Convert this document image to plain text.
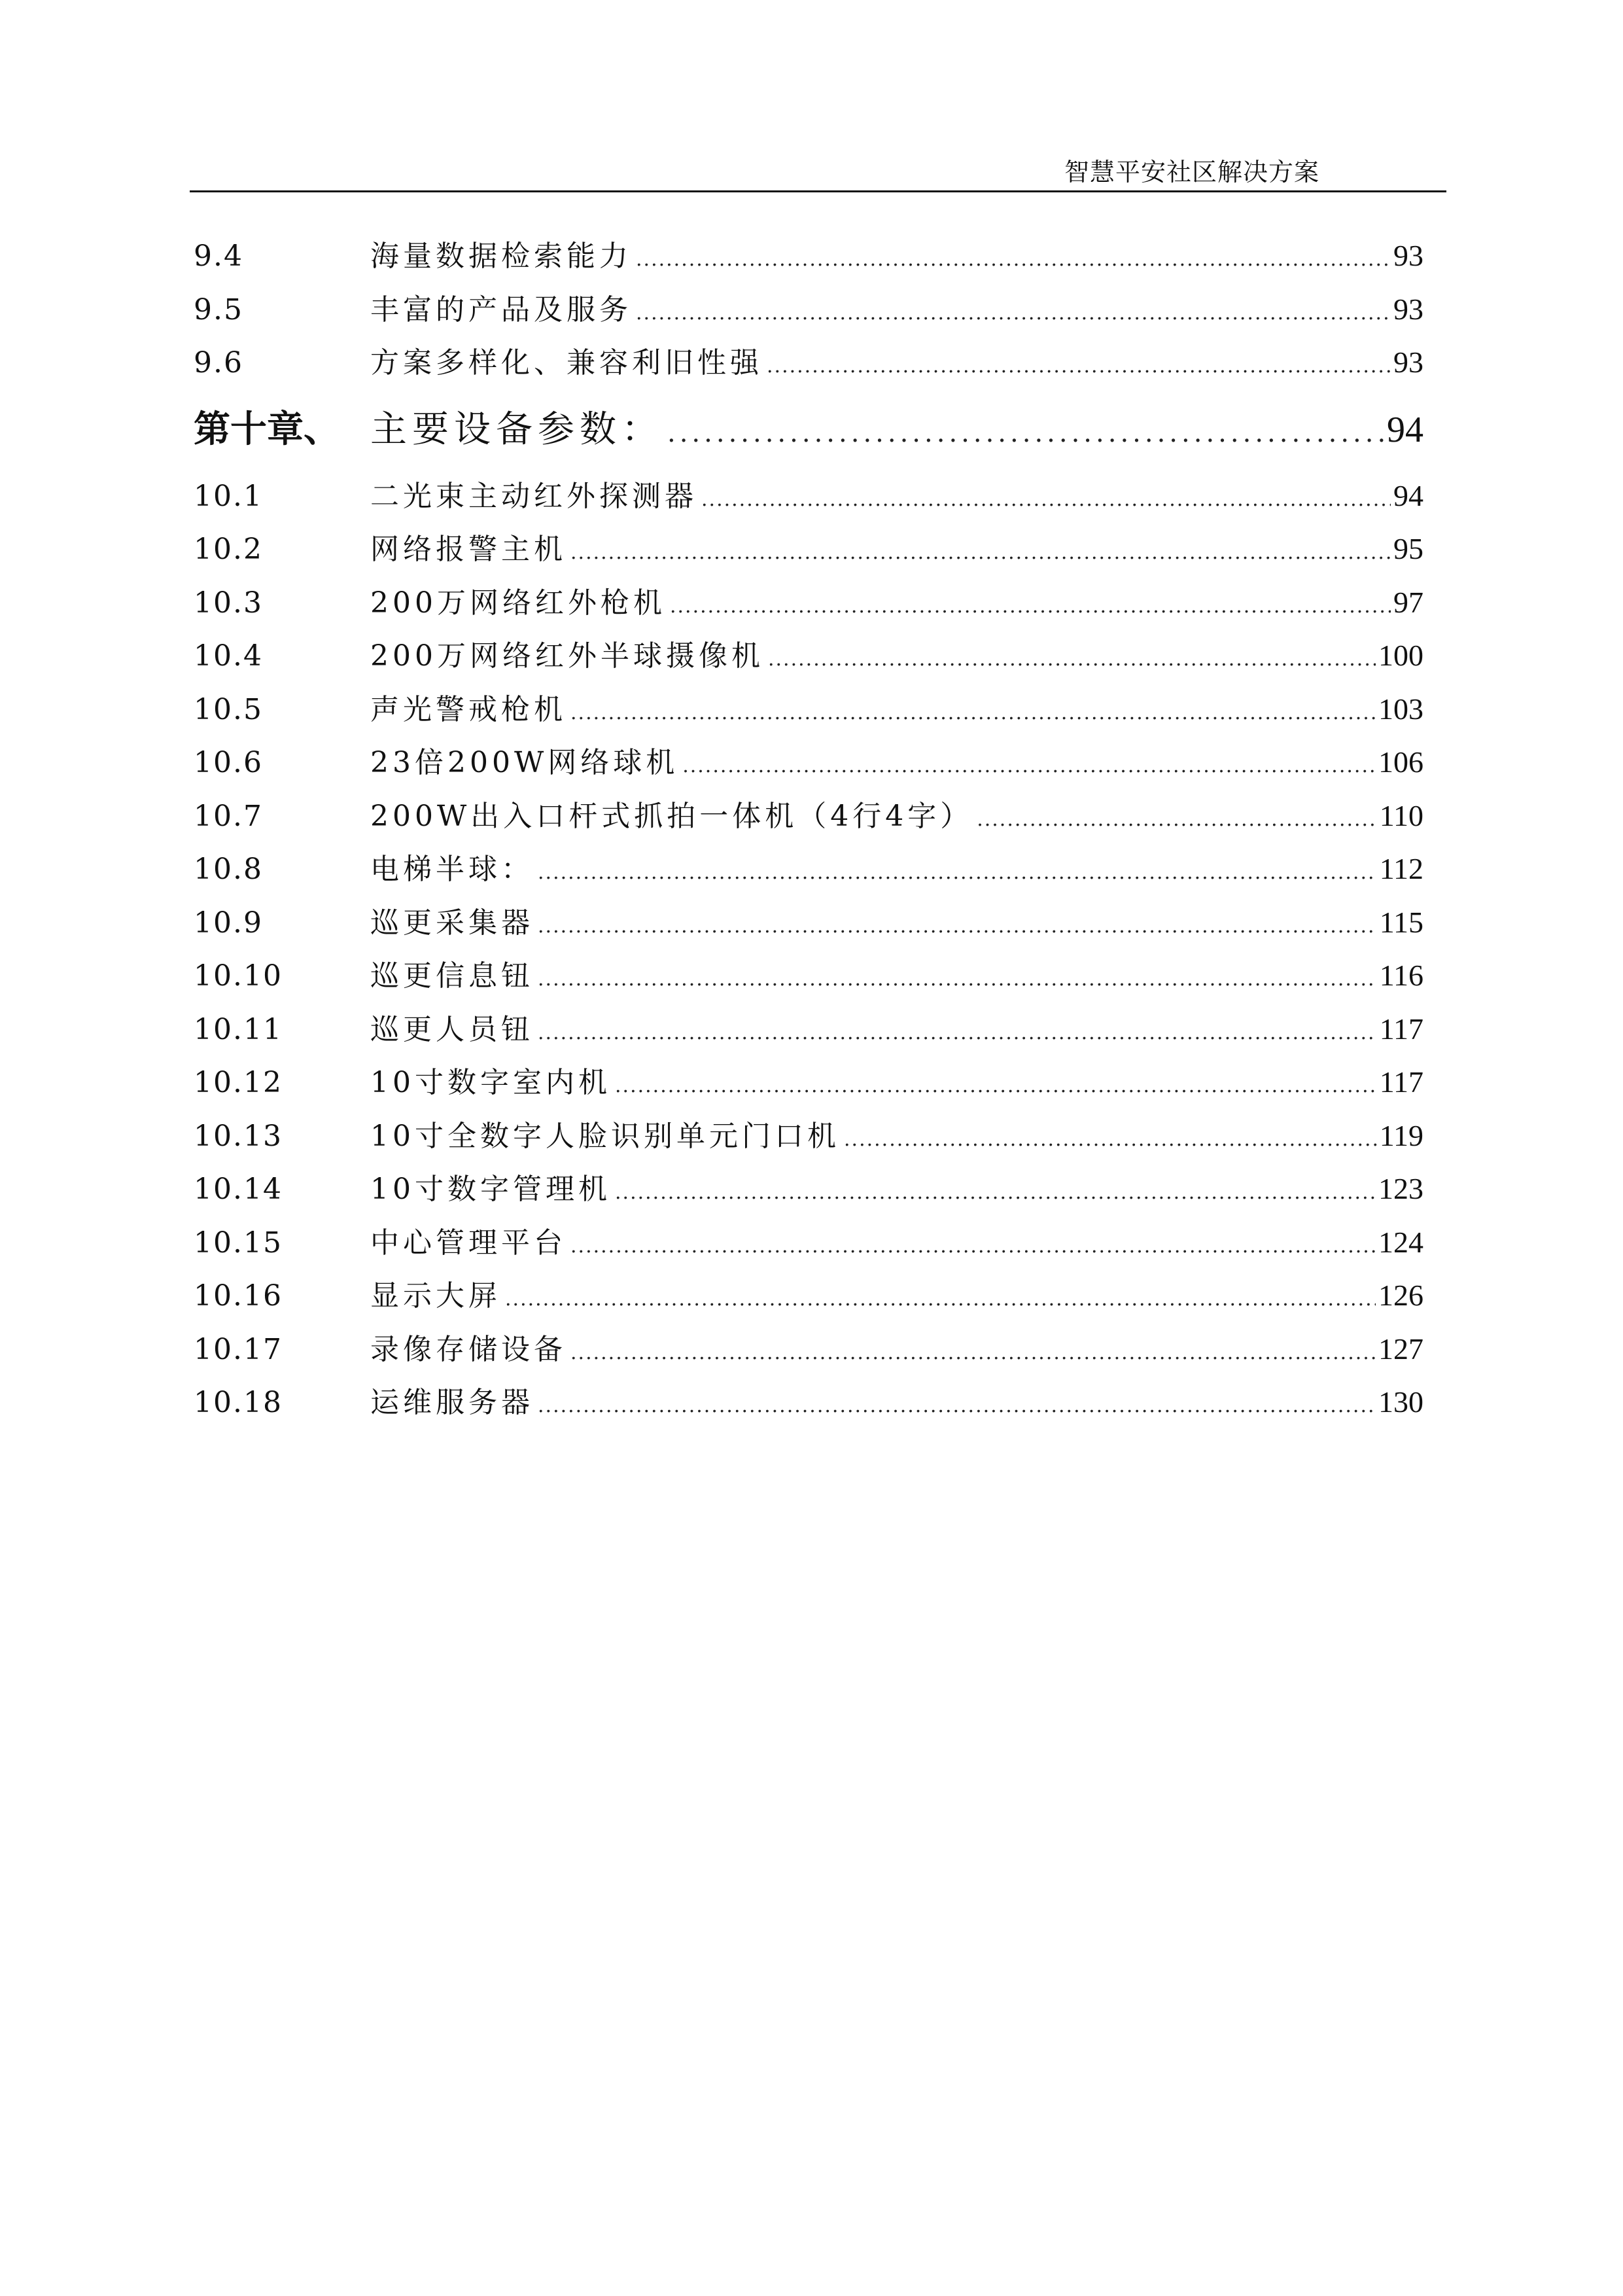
智慧平安社区解决方案
9.4	海量数据检索能力 .....	93
9.5	丰富的产品及服务 .....	93
9.6	方案多样化、兼容利旧性强 .....	93
第十章、 主要设备参数： .....	94
10.1	二光束主动红外探测器 .....	94
10.2	网络报警主机 .....	95
10.3	200万网络红外枪机 .....	97
10.4	200万网络红外半球摄像机 .....	100
10.5	声光警戒枪机 .....	103
10.6	23倍200W网络球机 .....	106
10.7	200W出入口杆式抓拍一体机（4行4字） .....	110
10.8	电梯半球： .....	112
10.9	巡更采集器 .....	115
10.10	巡更信息钮 .....	116
10.11	巡更人员钮 .....	117
10.12	10寸数字室内机 .....	117
10.13	10寸全数字人脸识别单元门口机 .....	119
10.14	10寸数字管理机 .....	123
10.15	中心管理平台 .....	124
10.16	显示大屏 .....	126
10.17	录像存储设备 .....	127
10.18	运维服务器 .....	130
